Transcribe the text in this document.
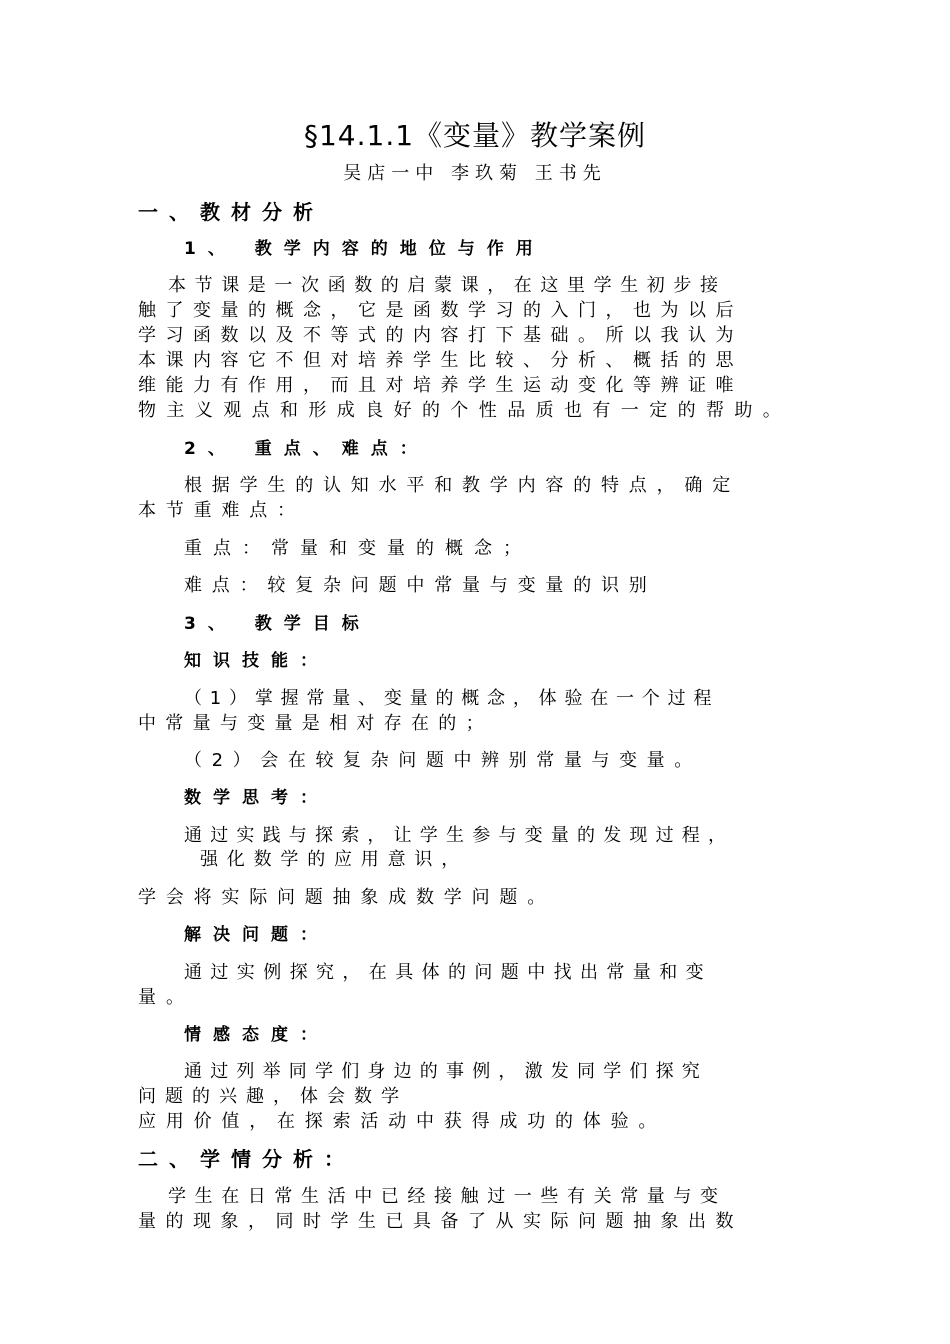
§14.1.1《变量》教学案例
吴店一中 李玖菊 王书先
一、教材分析
1、 教学内容的地位与作用
本节课是一次函数的启蒙课，在这里学生初步接
触了变量的概念，它是函数学习的入门，也为以后
学习函数以及不等式的内容打下基础。所以我认为
本课内容它不但对培养学生比较、分析、概括的思
维能力有作用，而且对培养学生运动变化等辨证唯
物主义观点和形成良好的个性品质也有一定的帮助。
2、 重点、难点：
根据学生的认知水平和教学内容的特点，确定
本节重难点：
重点：常量和变量的概念；
难点：较复杂问题中常量与变量的识别
3、 教学目标
知识技能：
（1）掌握常量、变量的概念，体验在一个过程
中常量与变量是相对存在的；
（2）会在较复杂问题中辨别常量与变量。
数学思考：
通过实践与探索，让学生参与变量的发现过程，
强化数学的应用意识，
学会将实际问题抽象成数学问题。
解决问题：
通过实例探究，在具体的问题中找出常量和变
量。
情感态度：
通过列举同学们身边的事例，激发同学们探究
问题的兴趣，体会数学
应用价值，在探索活动中获得成功的体验。
二、学情分析：
学生在日常生活中已经接触过一些有关常量与变
量的现象，同时学生已具备了从实际问题抽象出数
